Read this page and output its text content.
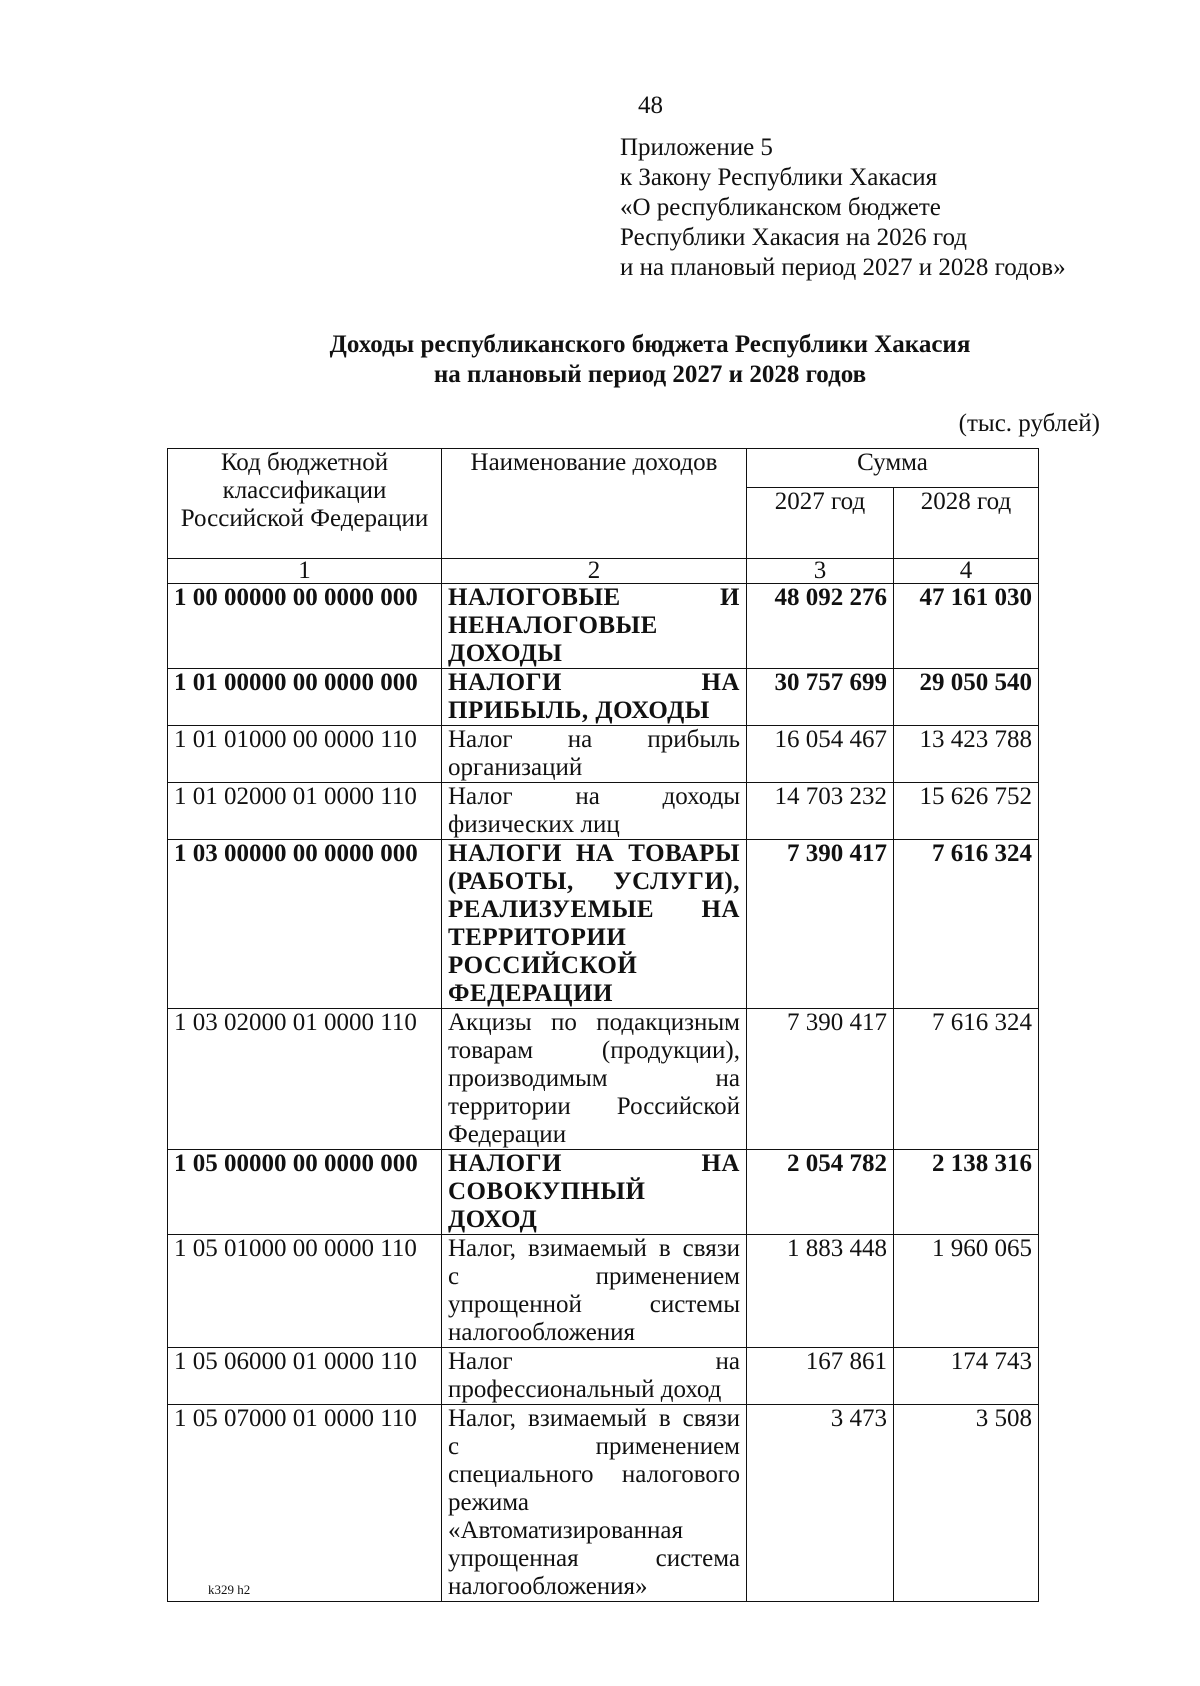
48
Приложение 5
к Закону Республики Хакасия
«О республиканском бюджете
Республики Хакасия на 2026 год
и на плановый период 2027 и 2028 годов»
Доходы республиканского бюджета Республики Хакасия
на плановый период 2027 и 2028 годов
(тыс. рублей)
Код бюджетной классификации Российской Федерации	Наименование доходов	Сумма	
		2027 год	2028 год
1	2	3	4
1 00 00000 00 0000 000	НАЛОГОВЫЕ И НЕНАЛОГОВЫЕ ДОХОДЫ	48 092 276	47 161 030
1 01 00000 00 0000 000	НАЛОГИ НА ПРИБЫЛЬ, ДОХОДЫ	30 757 699	29 050 540
1 01 01000 00 0000 110	Налог на прибыль организаций	16 054 467	13 423 788
1 01 02000 01 0000 110	Налог на доходы физических лиц	14 703 232	15 626 752
1 03 00000 00 0000 000	НАЛОГИ НА ТОВАРЫ (РАБОТЫ, УСЛУГИ), РЕАЛИЗУЕМЫЕ НА ТЕРРИТОРИИ РОССИЙСКОЙ ФЕДЕРАЦИИ	7 390 417	7 616 324
1 03 02000 01 0000 110	Акцизы по подакцизным товарам (продукции), производимым на территории Российской Федерации	7 390 417	7 616 324
1 05 00000 00 0000 000	НАЛОГИ НА СОВОКУПНЫЙ ДОХОД	2 054 782	2 138 316
1 05 01000 00 0000 110	Налог, взимаемый в связи с применением упрощенной системы налогообложения	1 883 448	1 960 065
1 05 06000 01 0000 110	Налог на профессиональный доход	167 861	174 743
1 05 07000 01 0000 110	Налог, взимаемый в связи с применением специального налогового режима «Автоматизированная упрощенная система налогообложения»	3 473	3 508
k329 h2
